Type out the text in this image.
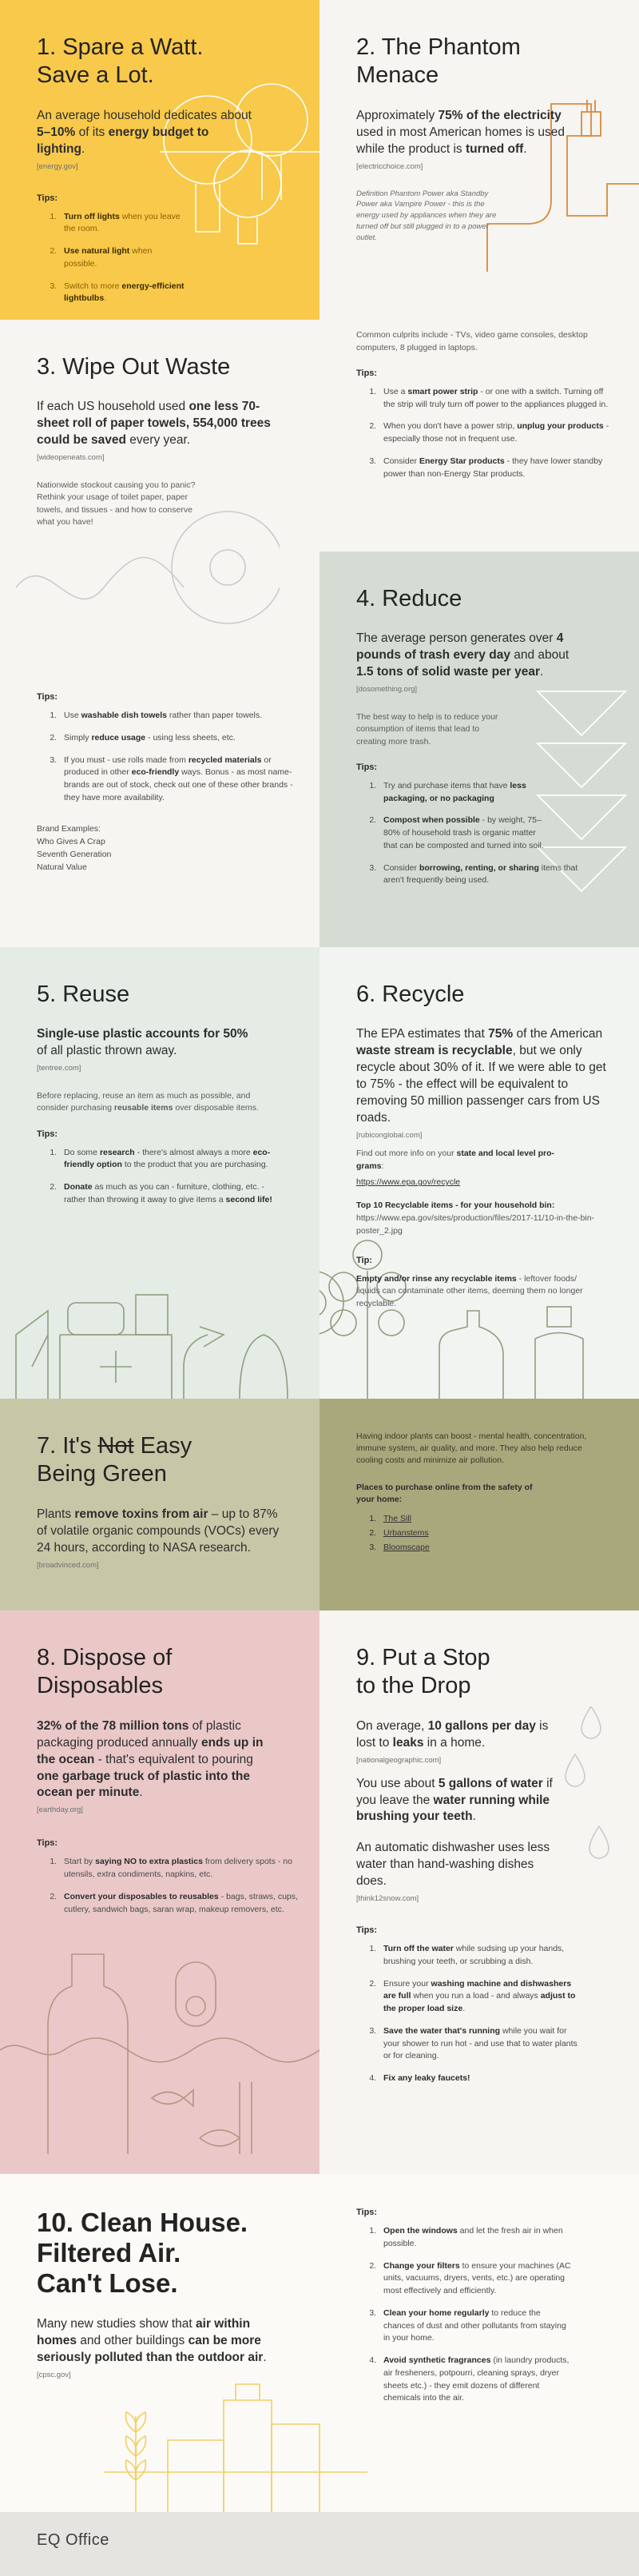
1. Spare a Watt.
Save a Lot.

An average household dedicates about 5–10% of its energy budget to lighting.

[energy.gov]

Tips:

1. Turn off lights when you leave the room.
2. Use natural light when possible.
3. Switch to more energy-efficient lightbulbs.
2. The Phantom
Menace

Approximately 75% of the electricity used in most American homes is used while the product is turned off.

[electricchoice.com]

Definition Phantom Power aka Standby Power aka Vampire Power - this is the energy used by appliances when they are turned off but still plugged in to a power outlet.

Common culprits include - TVs, video game consoles, desktop computers, 8 plugged in laptops.

Tips:

1. Use a smart power strip - or one with a switch. Turning off the strip will truly turn off power to the appliances plugged in.
2. When you don't have a power strip, unplug your products - especially those not in frequent use.
3. Consider Energy Star products - they have lower standby power than non-Energy Star products.
3. Wipe Out Waste

If each US household used one less 70-sheet roll of paper towels, 554,000 trees could be saved every year.

[wideopeneats.com]

Nationwide stockout causing you to panic? Rethink your usage of toilet paper, paper towels, and tissues - and how to conserve what you have!

Tips:

1. Use washable dish towels rather than paper towels.
2. Simply reduce usage - using less sheets, etc.
3. If you must - use rolls made from recycled materials or produced in other eco-friendly ways. Bonus - as most name-brands are out of stock, check out one of these other brands - they have more availability.
Brand Examples:
Who Gives A Crap
Seventh Generation
Natural Value
4. Reduce

The average person generates over 4 pounds of trash every day and about 1.5 tons of solid waste per year.

[dosomething.org]

The best way to help is to reduce your consumption of items that lead to creating more trash.

Tips:

1. Try and purchase items that have less packaging, or no packaging
2. Compost when possible - by weight, 75–80% of household trash is organic matter that can be composted and turned into soil.
3. Consider borrowing, renting, or sharing items that aren't frequently being used.
5. Reuse

Single-use plastic accounts for 50% of all plastic thrown away.

[tentree.com]

Before replacing, reuse an item as much as possible, and consider purchasing reusable items over disposable items.

Tips:

1. Do some research - there's almost always a more eco-friendly option to the product that you are purchasing.
2. Donate as much as you can - furniture, clothing, etc. - rather than throwing it away to give items a second life!
6. Recycle

The EPA estimates that 75% of the American waste stream is recyclable, but we only recycle about 30% of it. If we were able to get to 75% - the effect will be equivalent to removing 50 million passenger cars from US roads.

[rubiconglobal.com]

Find out more info on your state and local level pro-grams:

https://www.epa.gov/recycle

Top 10 Recyclable items - for your household bin:
https://www.epa.gov/sites/production/files/2017-11/10-in-the-bin-poster_2.jpg

Tip:

Empty and/or rinse any recyclable items - leftover foods/ liquids can contaminate other items, deeming them no longer recyclable.

7. It's Not Easy
Being Green

Plants remove toxins from air – up to 87% of volatile organic compounds (VOCs) every 24 hours, according to NASA research.

[broadvinced.com]

Having indoor plants can boost - mental health, concentration, immune system, air quality, and more. They also help reduce cooling costs and minimize air pollution.

Places to purchase online from the safety of your home:

1. The Sill
2. Urbanstems
3. Bloomscape
8. Dispose of
Disposables

32% of the 78 million tons of plastic packaging produced annually ends up in the ocean - that's equivalent to pouring one garbage truck of plastic into the ocean per minute.

[earthday.org]

Tips:

1. Start by saying NO to extra plastics from delivery spots - no utensils, extra condiments, napkins, etc.
2. Convert your disposables to reusables - bags, straws, cups, cutlery, sandwich bags, saran wrap, makeup removers, etc.
9. Put a Stop
to the Drop

On average, 10 gallons per day is lost to leaks in a home.

[nationalgeographic.com]

You use about 5 gallons of water if you leave the water running while brushing your teeth.

An automatic dishwasher uses less water than hand-washing dishes does.

[think12snow.com]

Tips:

1. Turn off the water while sudsing up your hands, brushing your teeth, or scrubbing a dish.
2. Ensure your washing machine and dishwashers are full when you run a load - and always adjust to the proper load size.
3. Save the water that's running while you wait for your shower to run hot - and use that to water plants or for cleaning.
4. Fix any leaky faucets!
10. Clean House.
Filtered Air.
Can't Lose.

Many new studies show that air within homes and other buildings can be more seriously polluted than the outdoor air.

[cpsc.gov]

Tips:

1. Open the windows and let the fresh air in when possible.
2. Change your filters to ensure your machines (AC units, vacuums, dryers, vents, etc.) are operating most effectively and efficiently.
3. Clean your home regularly to reduce the chances of dust and other pollutants from staying in your home.
4. Avoid synthetic fragrances (in laundry products, air fresheners, potpourri, cleaning sprays, dryer sheets etc.) - they emit dozens of different chemicals into the air.
EQ Office
